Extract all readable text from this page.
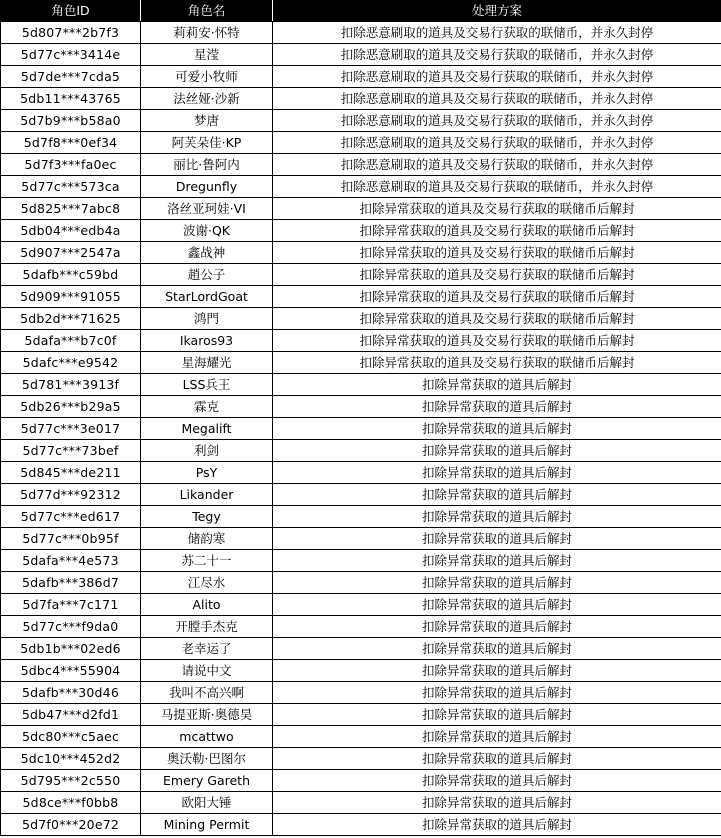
角色ID	角色名	处理方案
5d807***2b7f3	莉莉安·怀特	扣除恶意刷取的道具及交易行获取的联储币，并永久封停
5d77c***3414e	星滢	扣除恶意刷取的道具及交易行获取的联储币，并永久封停
5d7de***7cda5	可爱小牧师	扣除恶意刷取的道具及交易行获取的联储币，并永久封停
5db11***43765	法丝娅·沙新	扣除恶意刷取的道具及交易行获取的联储币，并永久封停
5d7b9***b58a0	梦唐	扣除恶意刷取的道具及交易行获取的联储币，并永久封停
5d7f8***0ef34	阿芙朵佳·KP	扣除恶意刷取的道具及交易行获取的联储币，并永久封停
5d7f3***fa0ec	丽比·鲁阿内	扣除恶意刷取的道具及交易行获取的联储币，并永久封停
5d77c***573ca	Dregunfly	扣除恶意刷取的道具及交易行获取的联储币，并永久封停
5d825***7abc8	洛丝亚珂娃·VI	扣除异常获取的道具及交易行获取的联储币后解封
5db04***edb4a	波谢·QK	扣除异常获取的道具及交易行获取的联储币后解封
5d907***2547a	鑫战神	扣除异常获取的道具及交易行获取的联储币后解封
5dafb***c59bd	趙公子	扣除异常获取的道具及交易行获取的联储币后解封
5d909***91055	StarLordGoat	扣除异常获取的道具及交易行获取的联储币后解封
5db2d***71625	鸿門	扣除异常获取的道具及交易行获取的联储币后解封
5dafa***b7c0f	Ikaros93	扣除异常获取的道具及交易行获取的联储币后解封
5dafc***e9542	星海耀光	扣除异常获取的道具及交易行获取的联储币后解封
5d781***3913f	LSS兵王	扣除异常获取的道具后解封
5db26***b29a5	霖克	扣除异常获取的道具后解封
5d77c***3e017	Megalift	扣除异常获取的道具后解封
5d77c***73bef	利剑	扣除异常获取的道具后解封
5d845***de211	PsY	扣除异常获取的道具后解封
5d77d***92312	Likander	扣除异常获取的道具后解封
5d77c***ed617	Tegy	扣除异常获取的道具后解封
5d77c***0b95f	储韵寒	扣除异常获取的道具后解封
5dafa***4e573	苏二十一	扣除异常获取的道具后解封
5dafb***386d7	江尽水	扣除异常获取的道具后解封
5d7fa***7c171	Alito	扣除异常获取的道具后解封
5d77c***f9da0	开膛手杰克	扣除异常获取的道具后解封
5db1b***02ed6	老幸运了	扣除异常获取的道具后解封
5dbc4***55904	请说中文	扣除异常获取的道具后解封
5dafb***30d46	我叫不高兴啊	扣除异常获取的道具后解封
5db47***d2fd1	马提亚斯·奥德昊	扣除异常获取的道具后解封
5dc80***c5aec	mcattwo	扣除异常获取的道具后解封
5dc10***452d2	奥沃勒·巴图尔	扣除异常获取的道具后解封
5d795***2c550	Emery Gareth	扣除异常获取的道具后解封
5d8ce***f0bb8	欧阳大锤	扣除异常获取的道具后解封
5d7f0***20e72	Mining Permit	扣除异常获取的道具后解封
